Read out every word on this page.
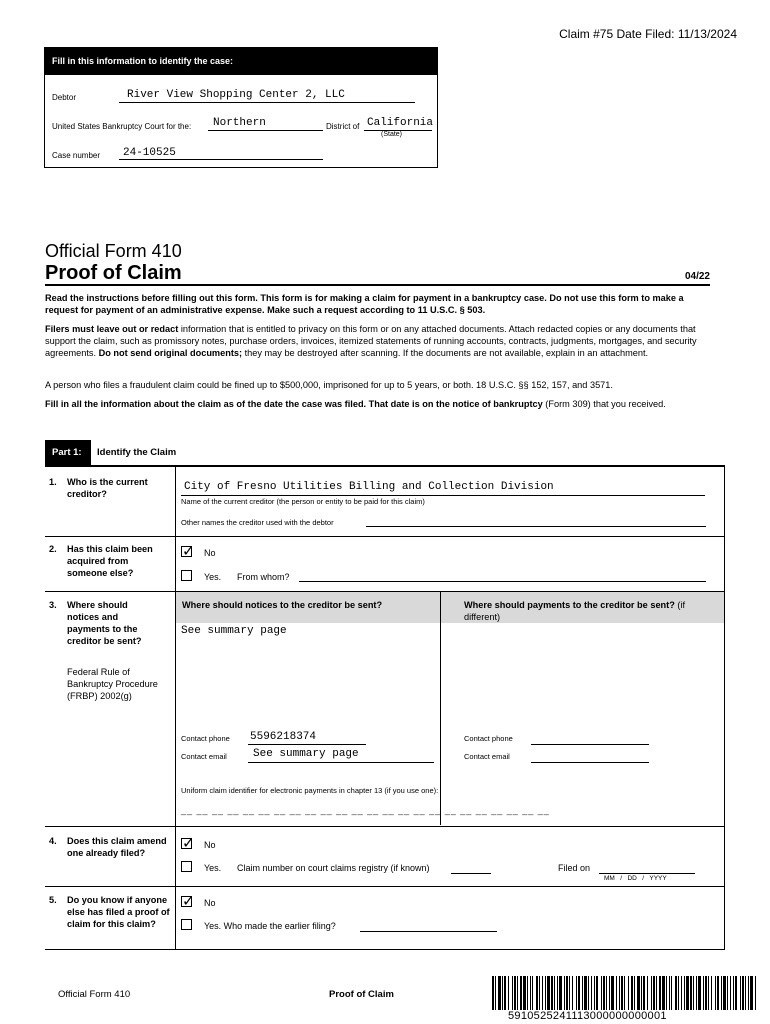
Claim #75 Date Filed: 11/13/2024
Fill in this information to identify the case:
Debtor	River View Shopping Center 2, LLC
United States Bankruptcy Court for the: Northern	District of California
(State)
Case number 24-10525
Official Form 410
Proof of Claim	04/22
Read the instructions before filling out this form. This form is for making a claim for payment in a bankruptcy case. Do not use this form to make a request for payment of an administrative expense. Make such a request according to 11 U.S.C. § 503.
Filers must leave out or redact information that is entitled to privacy on this form or on any attached documents. Attach redacted copies or any documents that support the claim, such as promissory notes, purchase orders, invoices, itemized statements of running accounts, contracts, judgments, mortgages, and security agreements. Do not send original documents; they may be destroyed after scanning. If the documents are not available, explain in an attachment.
A person who files a fraudulent claim could be fined up to $500,000, imprisoned for up to 5 years, or both. 18 U.S.C. §§ 152, 157, and 3571.
Fill in all the information about the claim as of the date the case was filed. That date is on the notice of bankruptcy (Form 309) that you received.
Part 1: Identify the Claim
1. Who is the current creditor?
City of Fresno Utilities Billing and Collection Division
Name of the current creditor (the person or entity to be paid for this claim)
Other names the creditor used with the debtor
2. Has this claim been acquired from someone else?
✓
No
Yes. From whom?
3. Where should notices and payments to the creditor be sent?
Federal Rule of Bankruptcy Procedure (FRBP) 2002(g)
Where should notices to the creditor be sent?	Where should payments to the creditor be sent? (if different)
See summary page
Contact phone 5596218374
Contact email See summary page
Contact phone
Contact email
Uniform claim identifier for electronic payments in chapter 13 (if you use one):
__ __ __ __ __ __ __ __ __ __ __ __ __ __ __ __ __ __ __ __ __ __ __ __
4. Does this claim amend one already filed?
✓
No
Yes. Claim number on court claims registry (if known)	Filed on
MM   /   DD   /   YYYY
5. Do you know if anyone else has filed a proof of claim for this claim?
✓
No
Yes. Who made the earlier filing?
Official Form 410	Proof of Claim
5910525241113000000000001
